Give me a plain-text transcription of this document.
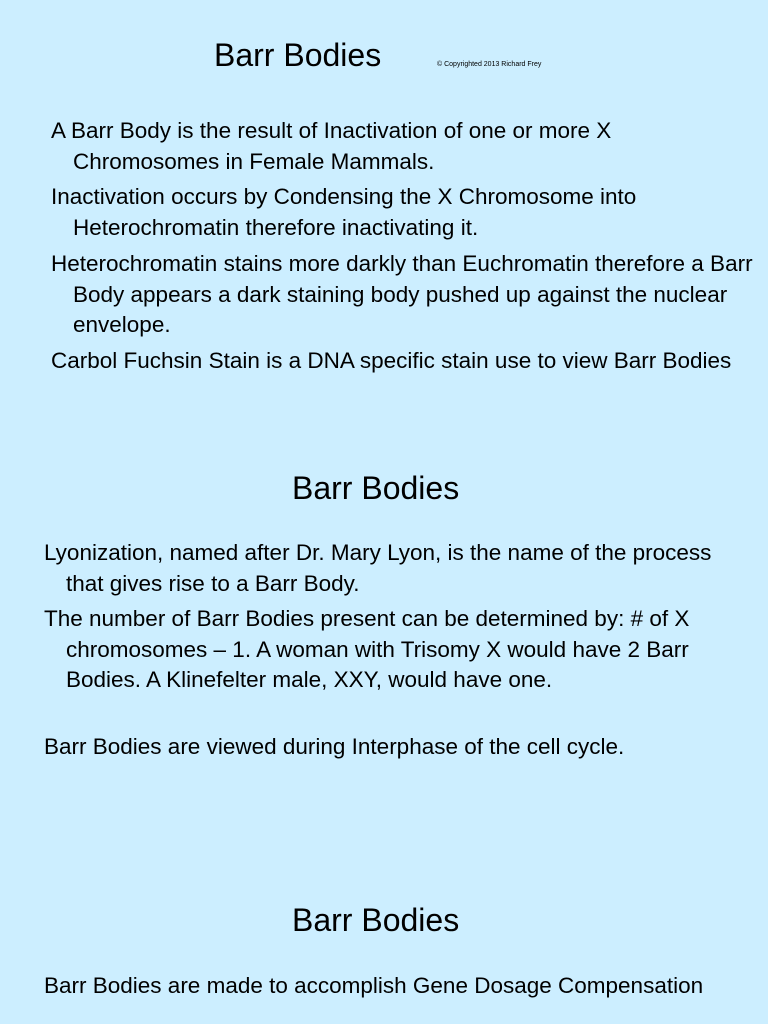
Barr Bodies	© Copyrighted 2013 Richard Frey

A Barr Body is the result of Inactivation of one or more X Chromosomes in Female Mammals.

Inactivation occurs by Condensing the X Chromosome into Heterochromatin therefore inactivating it.

Heterochromatin stains more darkly than Euchromatin therefore a Barr Body appears a dark staining body pushed up against the nuclear envelope.

Carbol Fuchsin Stain is a DNA specific stain use to view Barr Bodies

Barr Bodies

Lyonization, named after Dr. Mary Lyon, is the name of the process that gives rise to a Barr Body.

The number of Barr Bodies present can be determined by: # of X chromosomes – 1. A woman with Trisomy X would have 2 Barr Bodies. A Klinefelter male, XXY, would have one.

Barr Bodies are viewed during Interphase of the cell cycle.

Barr Bodies

Barr Bodies are made to accomplish Gene Dosage Compensation
